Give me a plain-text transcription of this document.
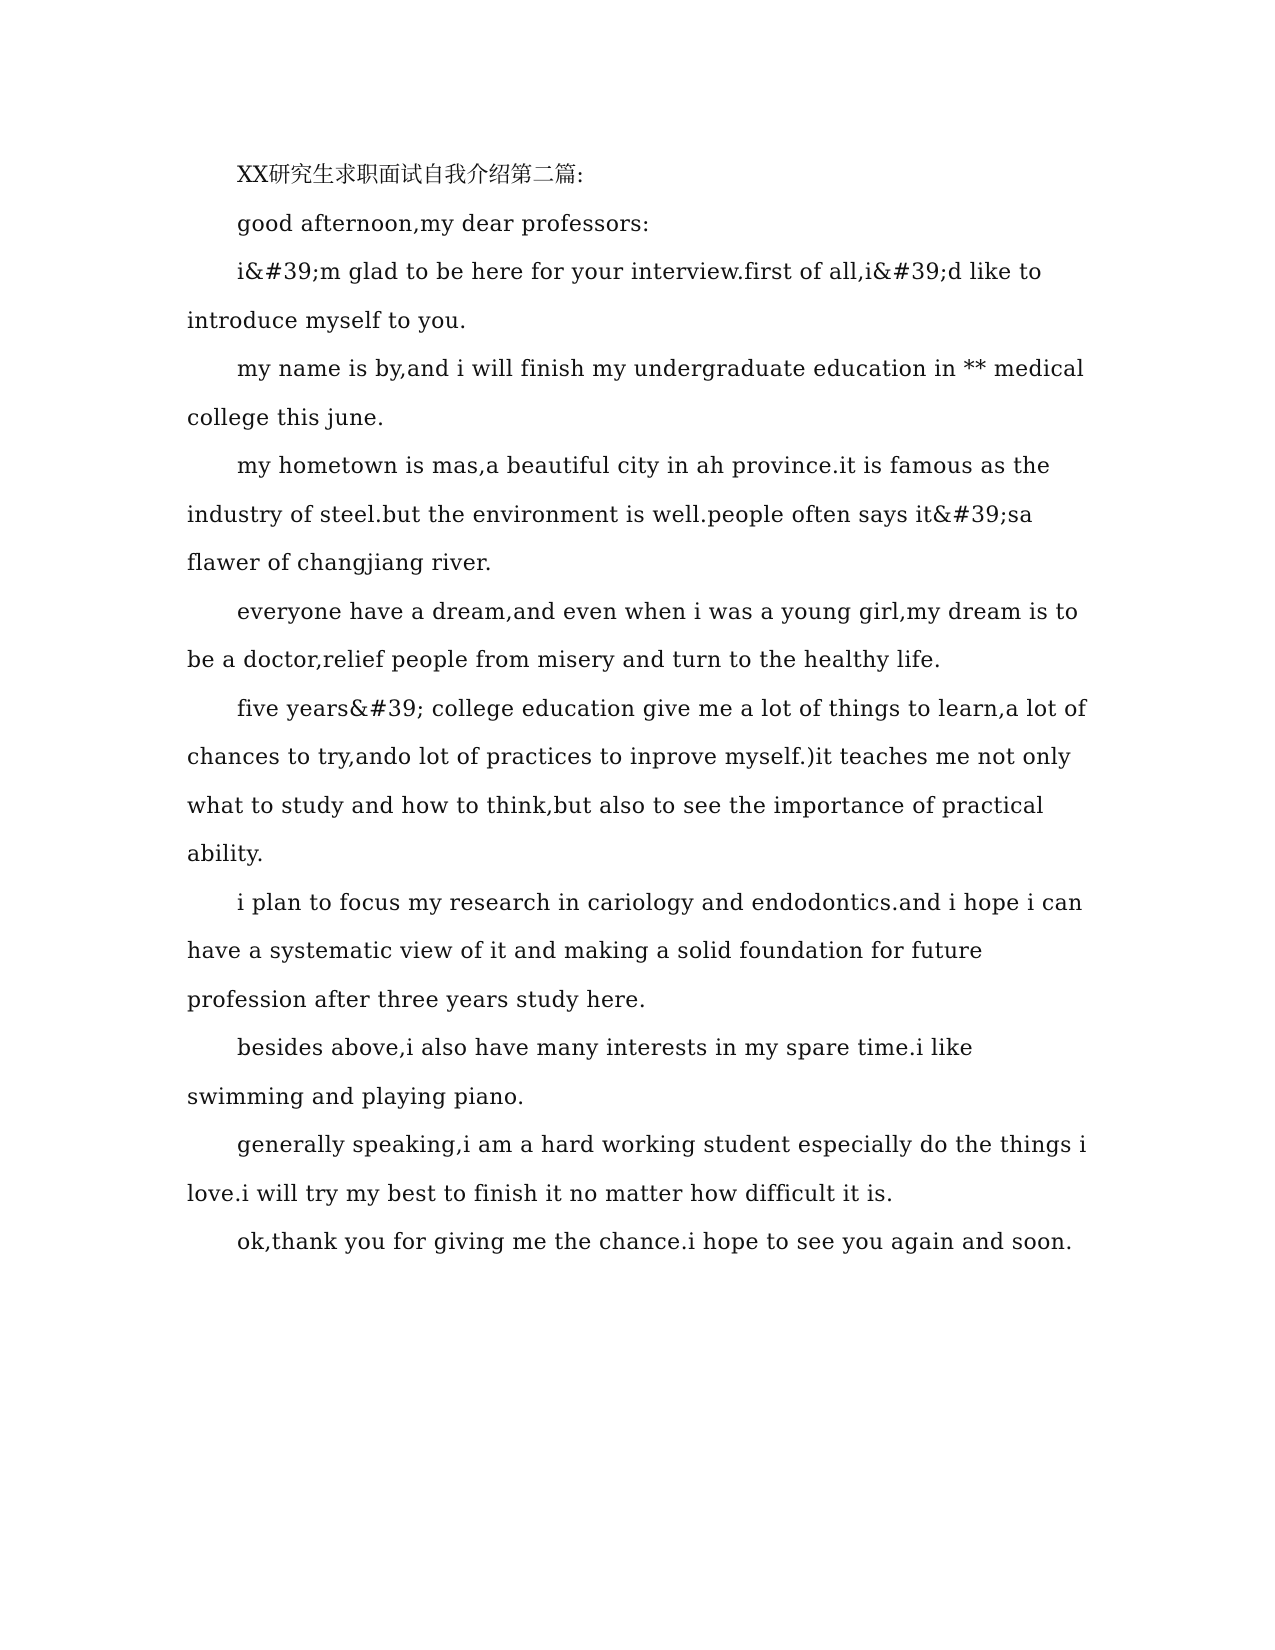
XX研究生求职面试自我介绍第二篇:

good afternoon,my dear professors:

i&#39;m glad to be here for your interview.first of all,i&#39;d like to introduce myself to you.

my name is by,and i will finish my undergraduate education in ** medical college this june.

my hometown is mas,a beautiful city in ah province.it is famous as the industry of steel.but the environment is well.people often says it&#39;sa flawer of changjiang river.

everyone have a dream,and even when i was a young girl,my dream is to be a doctor,relief people from misery and turn to the healthy life.

five years&#39; college education give me a lot of things to learn,a lot of chances to try,ando lot of practices to inprove myself.)it teaches me not only what to study and how to think,but also to see the importance of practical ability.

i plan to focus my research in cariology and endodontics.and i hope i can have a systematic view of it and making a solid foundation for future profession after three years study here.

besides above,i also have many interests in my spare time.i like swimming and playing piano.

generally speaking,i am a hard working student especially do the things i love.i will try my best to finish it no matter how difficult it is.

ok,thank you for giving me the chance.i hope to see you again and soon.
